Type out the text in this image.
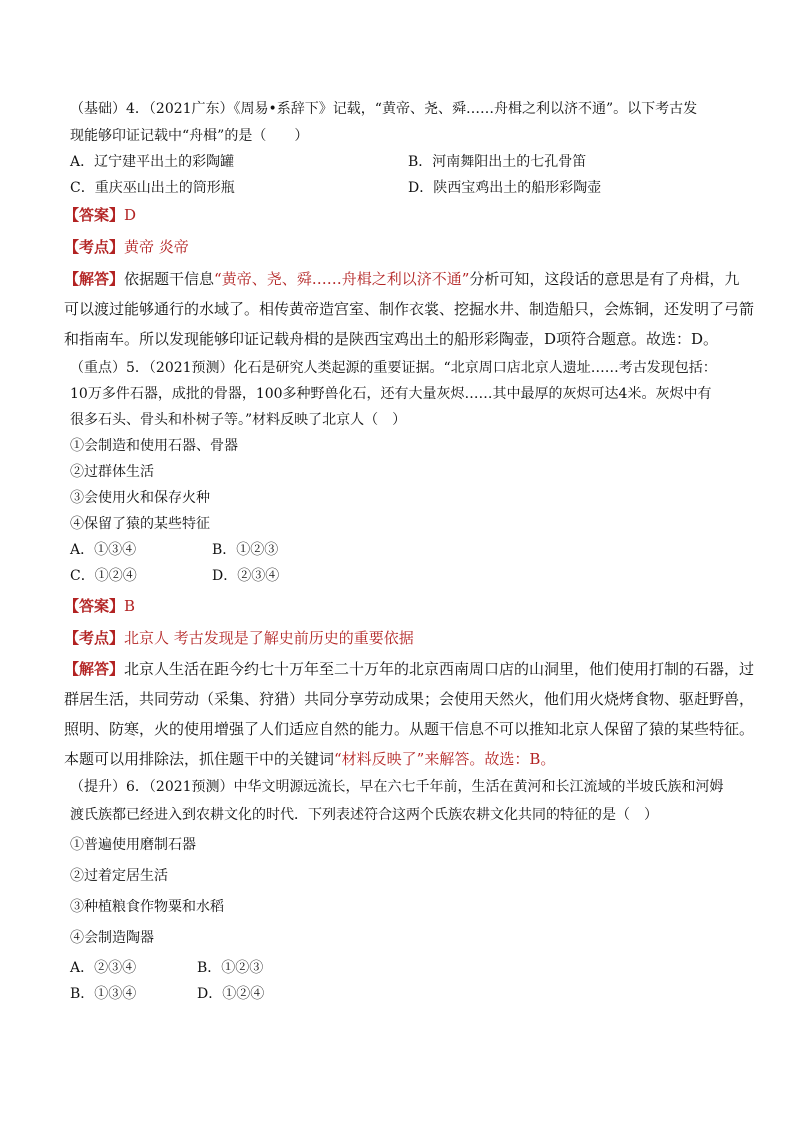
（基础）4．（2021广东）《周易•系辞下》记载，“黄帝、尧、舜……舟楫之利以济不通”。以下考古发
现能够印证记载中“舟楫”的是（　　）
A．辽宁建平出土的彩陶罐	B．河南舞阳出土的七孔骨笛
C．重庆巫山出土的筒形瓶	D．陕西宝鸡出土的船形彩陶壶
【答案】D
【考点】黄帝 炎帝
【解答】依据题干信息“黄帝、尧、舜……舟楫之利以济不通”分析可知，这段话的意思是有了舟楫，九
可以渡过能够通行的水域了。相传黄帝造宫室、制作衣裳、挖掘水井、制造船只，会炼铜，还发明了弓箭
和指南车。所以发现能够印证记载舟楫的是陕西宝鸡出土的船形彩陶壶，D项符合题意。故选：D。
（重点）5．（2021预测）化石是研究人类起源的重要证据。“北京周口店北京人遗址……考古发现包括：
10万多件石器，成批的骨器，100多种野兽化石，还有大量灰烬……其中最厚的灰烬可达4米。灰烬中有
很多石头、骨头和朴树子等。”材料反映了北京人（　）
①会制造和使用石器、骨器
②过群体生活
③会使用火和保存火种
④保留了猿的某些特征
A．①③④	B．①②③
C．①②④	D．②③④
【答案】B
【考点】北京人 考古发现是了解史前历史的重要依据
【解答】北京人生活在距今约七十万年至二十万年的北京西南周口店的山洞里，他们使用打制的石器，过
群居生活，共同劳动（采集、狩猎）共同分享劳动成果；会使用天然火，他们用火烧烤食物、驱赶野兽，
照明、防寒，火的使用增强了人们适应自然的能力。从题干信息不可以推知北京人保留了猿的某些特征。
本题可以用排除法，抓住题干中的关键词“材料反映了”来解答。故选：B。
（提升）6．（2021预测）中华文明源远流长，早在六七千年前，生活在黄河和长江流域的半坡氏族和河姆
渡氏族都已经进入到农耕文化的时代．下列表述符合这两个氏族农耕文化共同的特征的是（　）
①普遍使用磨制石器
②过着定居生活
③种植粮食作物粟和水稻
④会制造陶器
A．②③④	B．①②③
B．①③④	D．①②④
